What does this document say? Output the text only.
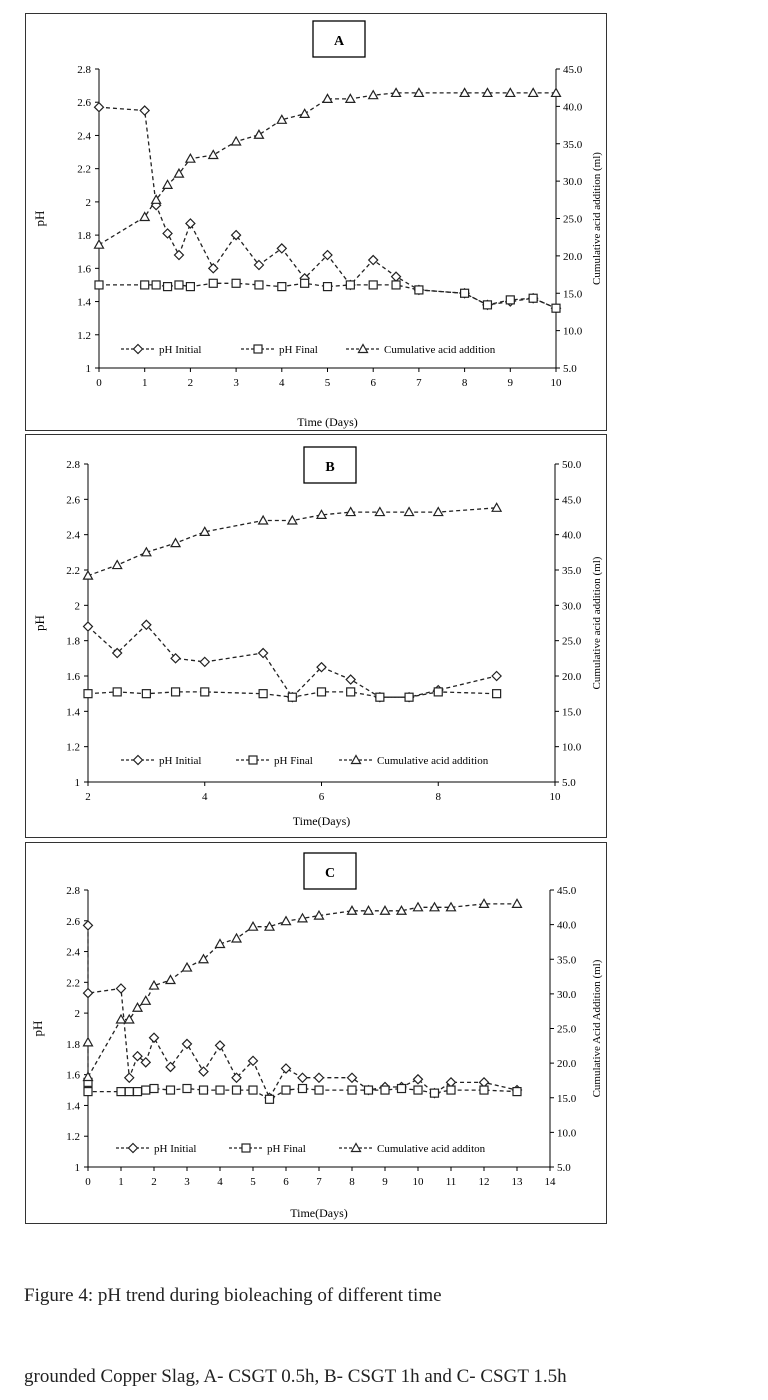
A
1
1.2
1.4
1.6
1.8
2
2.2
2.4
2.6
2.8
5.0
10.0
15.0
20.0
25.0
30.0
35.0
40.0
45.0
0	1	2	3	4	5	6	7	8	9	10
Time (Days)
pH	Cumulative acid addition (ml)
pH Initial	pH Final	Cumulative acid addition
B
1
1.2
1.4
1.6
1.8
2
2.2
2.4
2.6
2.8
5.0
10.0
15.0
20.0
25.0
30.0
35.0
40.0
45.0
50.0
2	4	6	8	10
Time(Days)
pH	Cumulative acid addition (ml)
pH Initial	pH Final	Cumulative acid addition
C
1
1.2
1.4
1.6
1.8
2
2.2
2.4
2.6
2.8
5.0
10.0
15.0
20.0
25.0
30.0
35.0
40.0
45.0
0	1	2	3	4	5	6	7	8	9 10 11 12 13 14
Time(Days)
pH	Cumulative Acid Addition (ml)
pH Initial	pH Final	Cumulative acid additon
Figure 4: pH trend during bioleaching of different time
grounded Copper Slag, A- CSGT 0.5h, B- CSGT 1h and C- CSGT 1.5h
